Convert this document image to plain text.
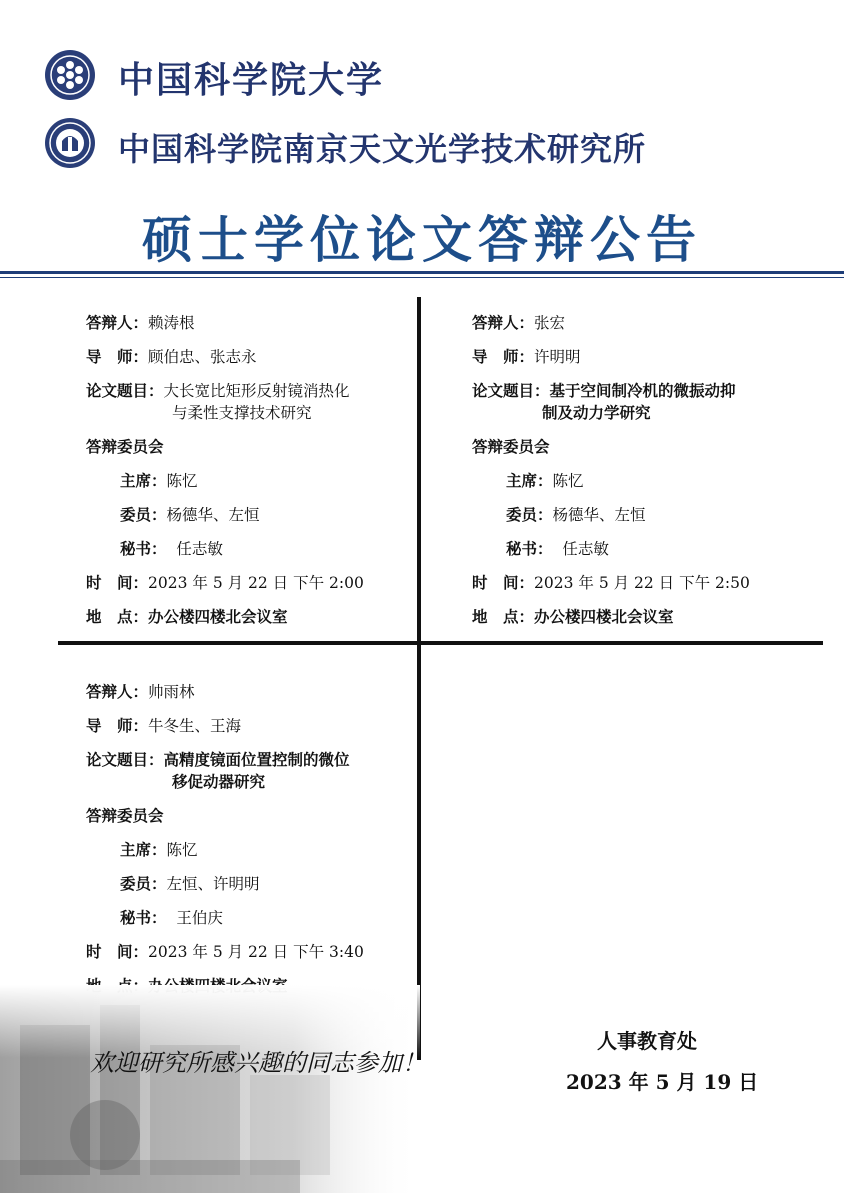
中国科学院大学
中国科学院南京天文光学技术研究所
硕士学位论文答辩公告
答辩人：赖涛根
导　师：顾伯忠、张志永
论文题目：大长宽比矩形反射镜消热化
与柔性支撑技术研究
答辩委员会
主席：陈忆
委员：杨德华、左恒
秘书： 任志敏
时　间：2023 年 5 月 22 日 下午 2:00
地　点：办公楼四楼北会议室
答辩人：张宏
导　师：许明明
论文题目：基于空间制冷机的微振动抑
制及动力学研究
答辩委员会
主席：陈忆
委员：杨德华、左恒
秘书： 任志敏
时　间：2023 年 5 月 22 日 下午 2:50
地　点：办公楼四楼北会议室
答辩人：帅雨林
导　师：牛冬生、王海
论文题目：高精度镜面位置控制的微位
移促动器研究
答辩委员会
主席：陈忆
委员：左恒、许明明
秘书： 王伯庆
时　间：2023 年 5 月 22 日 下午 3:40
欢迎研究所感兴趣的同志参加！
人事教育处
2023 年 5 月 19 日
